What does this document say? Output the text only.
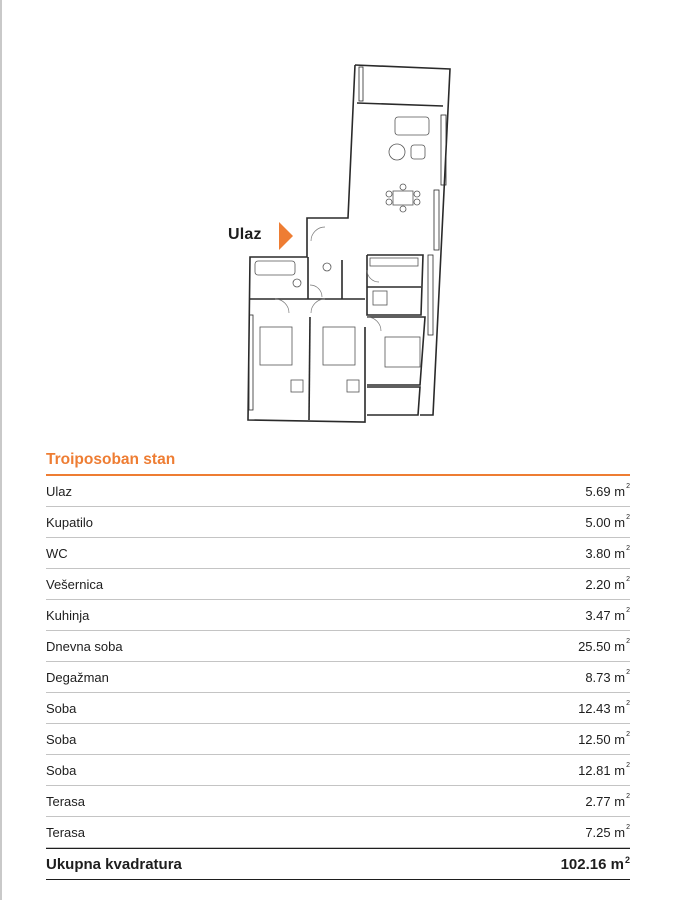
Ulaz
Troiposoban stan
Ulaz	5.69 $m^2$
Kupatilo	5.00 $m^2$
WC	3.80 $m^2$
Vešernica	2.20 $m^2$
Kuhinja	3.47 $m^2$
Dnevna soba	25.50 $m^2$
Degažman	8.73 $m^2$
Soba	12.43 $m^2$
Soba	12.50 $m^2$
Soba	12.81 $m^2$
Terasa	2.77 $m^2$
Terasa	7.25 $m^2$
Ukupna kvadratura	102.16 $m^2$
